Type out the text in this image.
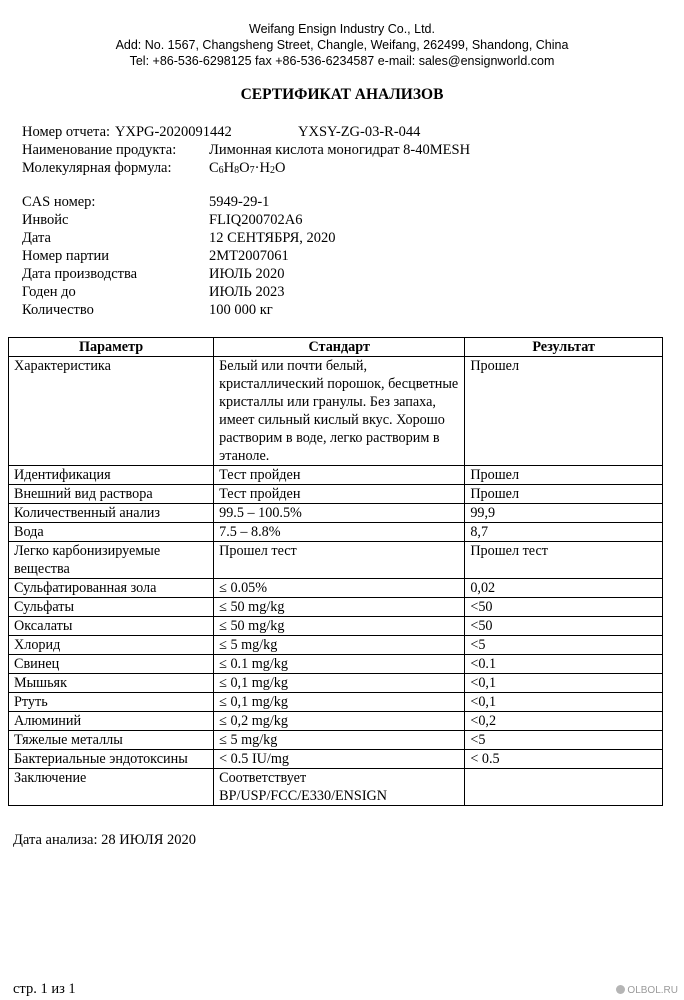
Weifang Ensign Industry Co., Ltd.
Add: No. 1567, Changsheng Street, Changle, Weifang, 262499, Shandong, China
Tel: +86-536-6298125 fax +86-536-6234587 e-mail: sales@ensignworld.com
СЕРТИФИКАТ АНАЛИЗОВ
Номер отчета: YXPG-2020091442	YXSY-ZG-03-R-044
Наименование продукта: Лимонная кислота моногидрат 8-40MESH
Молекулярная формула:	$C_6H_8O_7\cdot H_2O$
CAS номер:	5949-29-1
Инвойс	FLIQ200702A6
Дата	12 СЕНТЯБРЯ, 2020
Номер партии	2MT2007061
Дата производства	ИЮЛЬ 2020
Годен до	ИЮЛЬ 2023
Количество	100 000 кг
Параметр	Стандарт	Результат
Характеристика	Белый или почти белый, кристаллический порошок, бесцветные кристаллы или гранулы. Без запаха, имеет сильный кислый вкус. Хорошо растворим в воде, легко растворим в этаноле.	Прошел
Идентификация	Тест пройден	Прошел
Внешний вид раствора	Тест пройден	Прошел
Количественный анализ	99.5 – 100.5%	99,9
Вода	7.5 – 8.8%	8,7
Легко карбонизируемые вещества	Прошел тест	Прошел тест
Сульфатированная зола	≤ 0.05%	0,02
Сульфаты	≤ 50 mg/kg	<50
Оксалаты	≤ 50 mg/kg	<50
Хлорид	≤ 5 mg/kg	<5
Свинец	≤ 0.1 mg/kg	<0.1
Мышьяк	≤ 0,1 mg/kg	<0,1
Ртуть	≤ 0,1 mg/kg	<0,1
Алюминий	≤ 0,2 mg/kg	<0,2
Тяжелые металлы	≤ 5 mg/kg	<5
Бактериальные эндотоксины	< 0.5 IU/mg	< 0.5
Заключение	Соответствует BP/USP/FCC/E330/ENSIGN	
Дата анализа: 28 ИЮЛЯ 2020
стр. 1 из 1	OLBOL.RU
